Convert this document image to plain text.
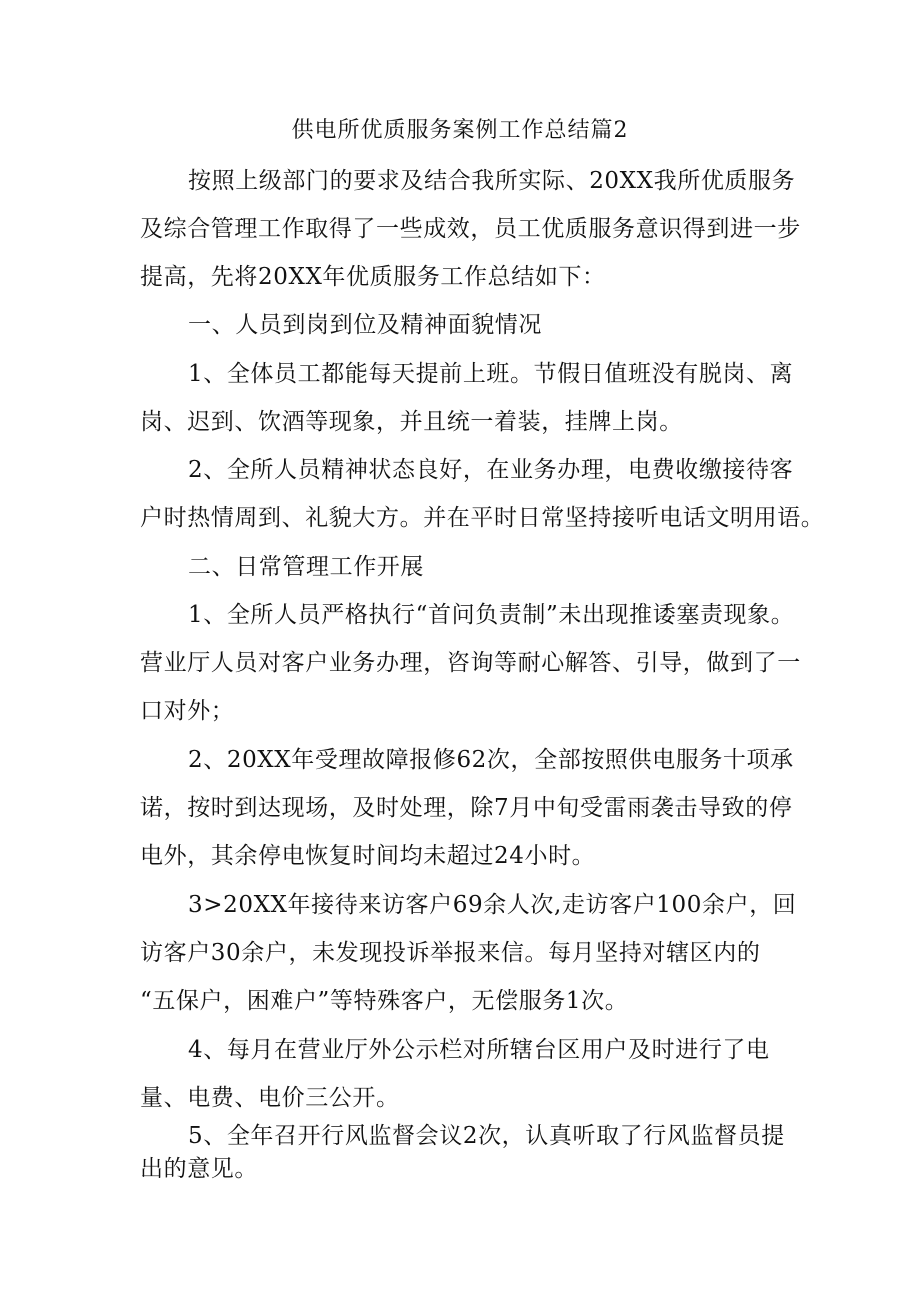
供电所优质服务案例工作总结篇2
按照上级部门的要求及结合我所实际、20XX我所优质服务
及综合管理工作取得了一些成效，员工优质服务意识得到进一步
提高，先将20XX年优质服务工作总结如下：
一、人员到岗到位及精神面貌情况
1、全体员工都能每天提前上班。节假日值班没有脱岗、离
岗、迟到、饮酒等现象，并且统一着装，挂牌上岗。
2、全所人员精神状态良好，在业务办理，电费收缴接待客
户时热情周到、礼貌大方。并在平时日常坚持接听电话文明用语。
二、日常管理工作开展
1、全所人员严格执行“首问负责制”未出现推诿塞责现象。
营业厅人员对客户业务办理，咨询等耐心解答、引导，做到了一
口对外；
2、20XX年受理故障报修62次，全部按照供电服务十项承
诺，按时到达现场，及时处理，除7月中旬受雷雨袭击导致的停
电外，其余停电恢复时间均未超过24小时。
3>20XX年接待来访客户69余人次,走访客户100余户，回
访客户30余户，未发现投诉举报来信。每月坚持对辖区内的
“五保户，困难户”等特殊客户，无偿服务1次。
4、每月在营业厅外公示栏对所辖台区用户及时进行了电
量、电费、电价三公开。
5、全年召开行风监督会议2次，认真听取了行风监督员提
出的意见。
